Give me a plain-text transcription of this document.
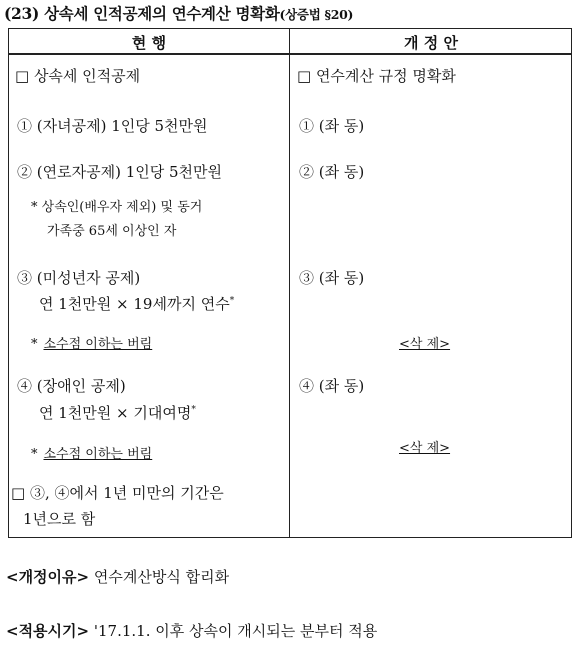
(23) 상속세 인적공제의 연수계산 명확화(상증법 §20)
현 행	개 정 안
□ 상속세 인적공제
① (자녀공제) 1인당 5천만원
② (연로자공제) 1인당 5천만원
* 상속인(배우자 제외) 및 동거
가족중 65세 이상인 자
③ (미성년자 공제)
연 1천만원 × 19세까지 연수*
* 소수점 이하는 버림
④ (장애인 공제)
연 1천만원 × 기대여명*
* 소수점 이하는 버림
□ ③, ④에서 1년 미만의 기간은
1년으로 함
□ 연수계산 규정 명확화
① (좌 동)
② (좌 동)
③ (좌 동)
<삭 제>
④ (좌 동)
<삭 제>
<개정이유> 연수계산방식 합리화
<적용시기> '17.1.1. 이후 상속이 개시되는 분부터 적용
